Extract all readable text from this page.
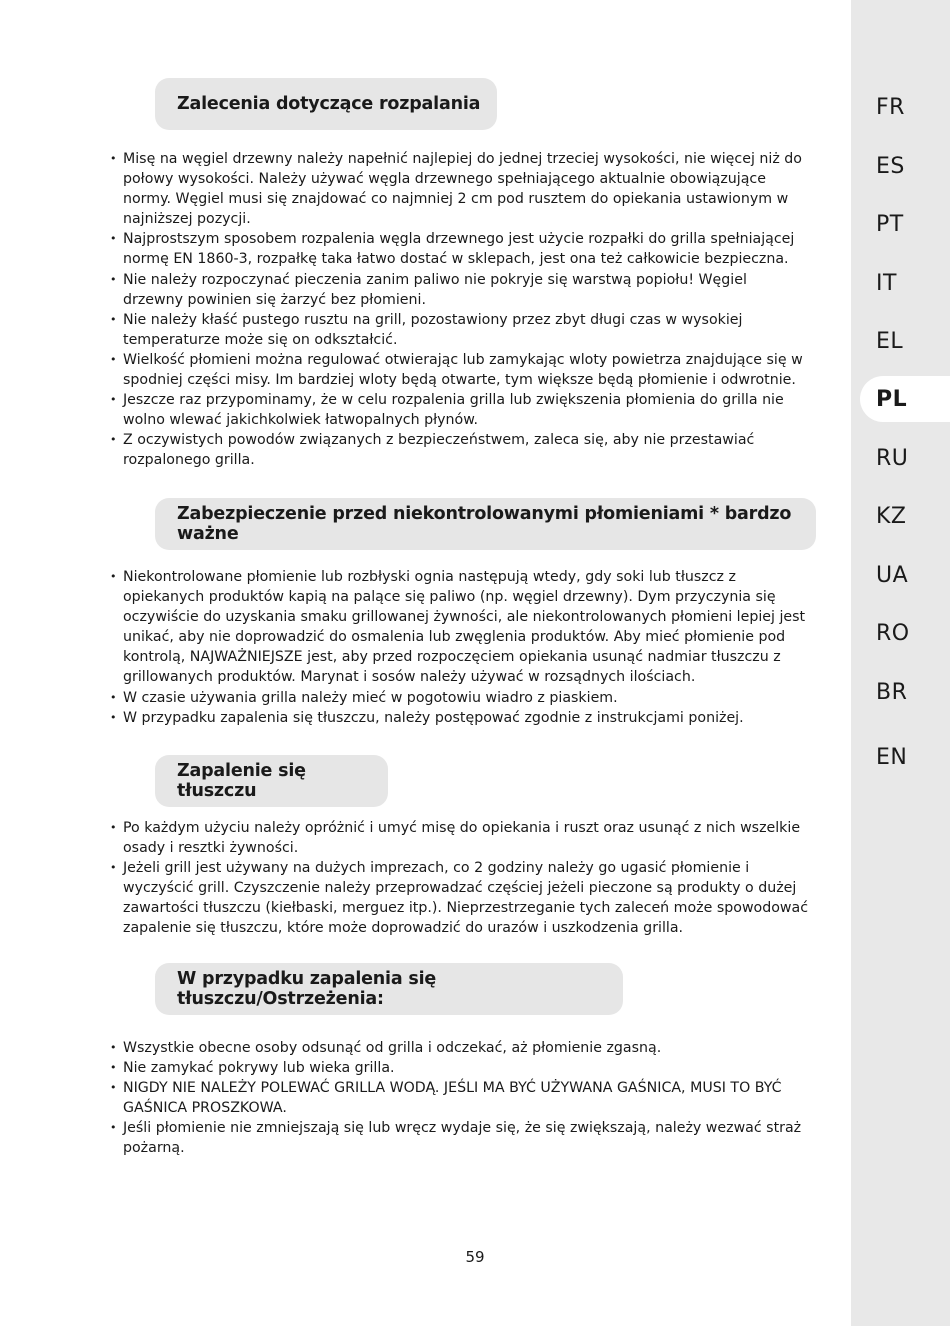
FR
ES
PT
IT
EL
PL
RU
KZ
UA
RO
BR
EN
Zalecenia dotyczące rozpalania
• Misę na węgiel drzewny należy napełnić najlepiej do jednej trzeciej wysokości, nie więcej niż do połowy wysokości. Należy używać węgla drzewnego spełniającego aktualnie obowiązujące normy. Węgiel musi się znajdować co najmniej 2 cm pod rusztem do opiekania ustawionym w najniższej pozycji.
• Najprostszym sposobem rozpalenia węgla drzewnego jest użycie rozpałki do grilla spełniającej normę EN 1860-3, rozpałkę taka łatwo dostać w sklepach, jest ona też całkowicie bezpieczna.
• Nie należy rozpoczynać pieczenia zanim paliwo nie pokryje się warstwą popiołu! Węgiel drzewny powinien się żarzyć bez płomieni.
• Nie należy kłaść pustego rusztu na grill, pozostawiony przez zbyt długi czas w wysokiej temperaturze może się on odkształcić.
• Wielkość płomieni można regulować otwierając lub zamykając wloty powietrza znajdujące się w spodniej części misy. Im bardziej wloty będą otwarte, tym większe będą płomienie i odwrotnie.
• Jeszcze raz przypominamy, że w celu rozpalenia grilla lub zwiększenia płomienia do grilla nie wolno wlewać jakichkolwiek łatwopalnych płynów.
• Z oczywistych powodów związanych z bezpieczeństwem, zaleca się, aby nie przestawiać rozpalonego grilla.
Zabezpieczenie przed niekontrolowanymi płomieniami * bardzo ważne
• Niekontrolowane płomienie lub rozbłyski ognia następują wtedy, gdy soki lub tłuszcz z opiekanych produktów kapią na palące się paliwo (np. węgiel drzewny). Dym przyczynia się oczywiście do uzyskania smaku grillowanej żywności, ale niekontrolowanych płomieni lepiej jest unikać, aby nie doprowadzić do osmalenia lub zwęglenia produktów. Aby mieć płomienie pod kontrolą, NAJWAŻNIEJSZE jest, aby przed rozpoczęciem opiekania usunąć nadmiar tłuszczu z grillowanych produktów. Marynat i sosów należy używać w rozsądnych ilościach.
• W czasie używania grilla należy mieć w pogotowiu wiadro z piaskiem.
• W przypadku zapalenia się tłuszczu, należy postępować zgodnie z instrukcjami poniżej.
Zapalenie się tłuszczu
• Po każdym użyciu należy opróżnić i umyć misę do opiekania i ruszt oraz usunąć z nich wszelkie osady i resztki żywności.
• Jeżeli grill jest używany na dużych imprezach, co 2 godziny należy go ugasić płomienie i wyczyścić grill. Czyszczenie należy przeprowadzać częściej jeżeli pieczone są produkty o dużej zawartości tłuszczu (kiełbaski, merguez itp.). Nieprzestrzeganie tych zaleceń może spowodować zapalenie się tłuszczu, które może doprowadzić do urazów i uszkodzenia grilla.
W przypadku zapalenia się tłuszczu/Ostrzeżenia:
• Wszystkie obecne osoby odsunąć od grilla i odczekać, aż płomienie zgasną.
• Nie zamykać pokrywy lub wieka grilla.
• NIGDY NIE NALEŻY POLEWAĆ GRILLA WODĄ. JEŚLI MA BYĆ UŻYWANA GAŚNICA, MUSI TO BYĆ GAŚNICA PROSZKOWA.
• Jeśli płomienie nie zmniejszają się lub wręcz wydaje się, że się zwiększają, należy wezwać straż pożarną.
59
